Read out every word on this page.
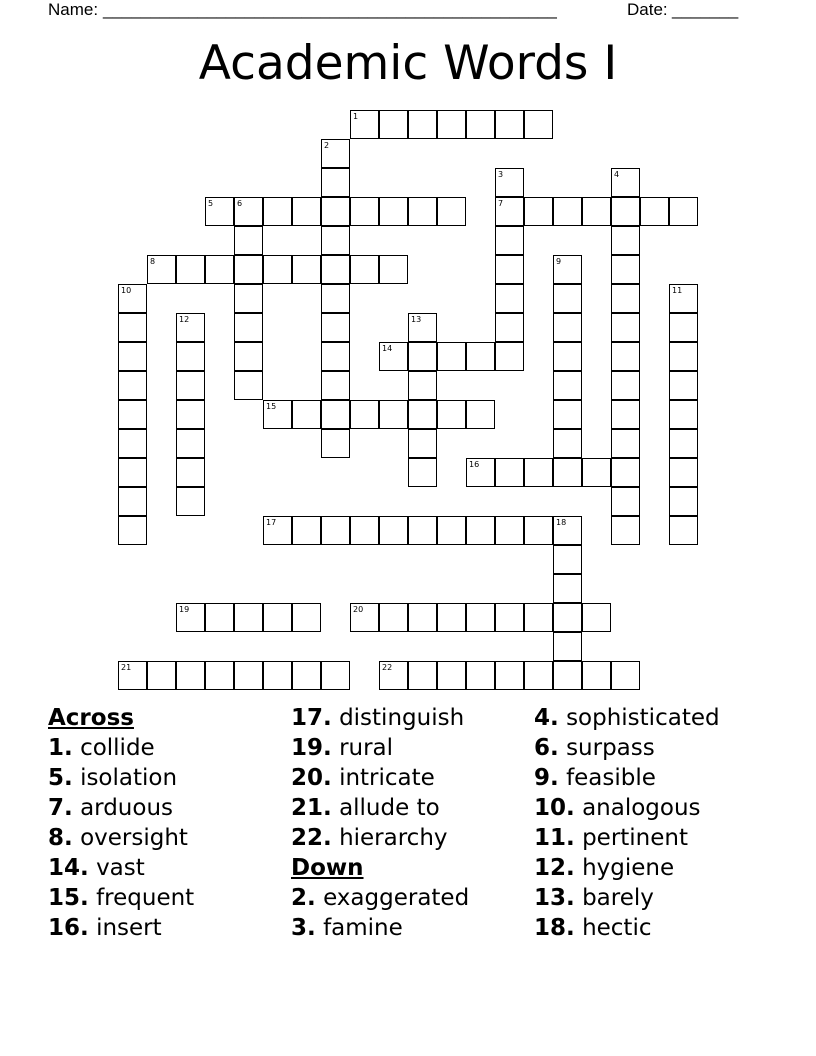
Name: ________________________________________________	Date: _______
Academic Words I
1
5	6	7
8
14
15
16
17
19	20
21	22
2
3	4
9
10	11
12	13
18
Across
1. collide
5. isolation
7. arduous
8. oversight
14. vast
15. frequent
16. insert
17. distinguish
19. rural
20. intricate
21. allude to
22. hierarchy
Down
2. exaggerated
3. famine
4. sophisticated
6. surpass
9. feasible
10. analogous
11. pertinent
12. hygiene
13. barely
18. hectic
